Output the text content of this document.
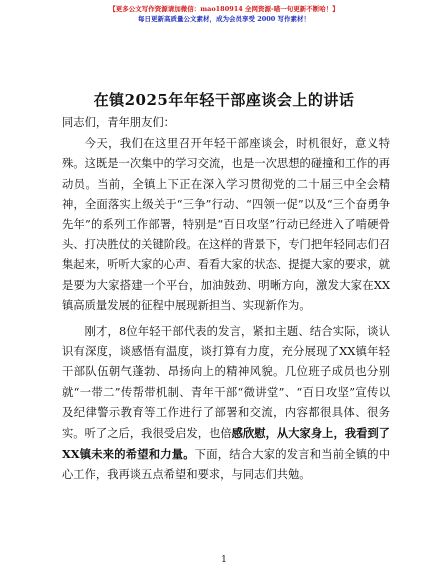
【更多公文写作资源请加微信：mao180914 全网资源-喵一句更新不断哈！】
每日更新高质量公文素材，成为会员享受 2000 写作素材！
在镇2025年年轻干部座谈会上的讲话

同志们，青年朋友们：

今天，我们在这里召开年轻干部座谈会，时机很好，意义特殊。这既是一次集中的学习交流，也是一次思想的碰撞和工作的再动员。当前，全镇上下正在深入学习贯彻党的二十届三中全会精神，全面落实上级关于“三争”行动、“四领一促”以及“三个奋勇争先年”的系列工作部署，特别是“百日攻坚”行动已经进入了啃硬骨头、打决胜仗的关键阶段。在这样的背景下，专门把年轻同志们召集起来，听听大家的心声、看看大家的状态、提提大家的要求，就是要为大家搭建一个平台，加油鼓劲、明晰方向，激发大家在XX镇高质量发展的征程中展现新担当、实现新作为。

刚才，8位年轻干部代表的发言，紧扣主题、结合实际，谈认识有深度，谈感悟有温度，谈打算有力度，充分展现了XX镇年轻干部队伍朝气蓬勃、昂扬向上的精神风貌。几位班子成员也分别就“一带二”传帮带机制、青年干部“微讲堂”、“百日攻坚”宣传以及纪律警示教育等工作进行了部署和交流，内容都很具体、很务实。听了之后，我很受启发，也倍感欣慰，从大家身上，我看到了XX镇未来的希望和力量。下面，结合大家的发言和当前全镇的中心工作，我再谈五点希望和要求，与同志们共勉。

1
